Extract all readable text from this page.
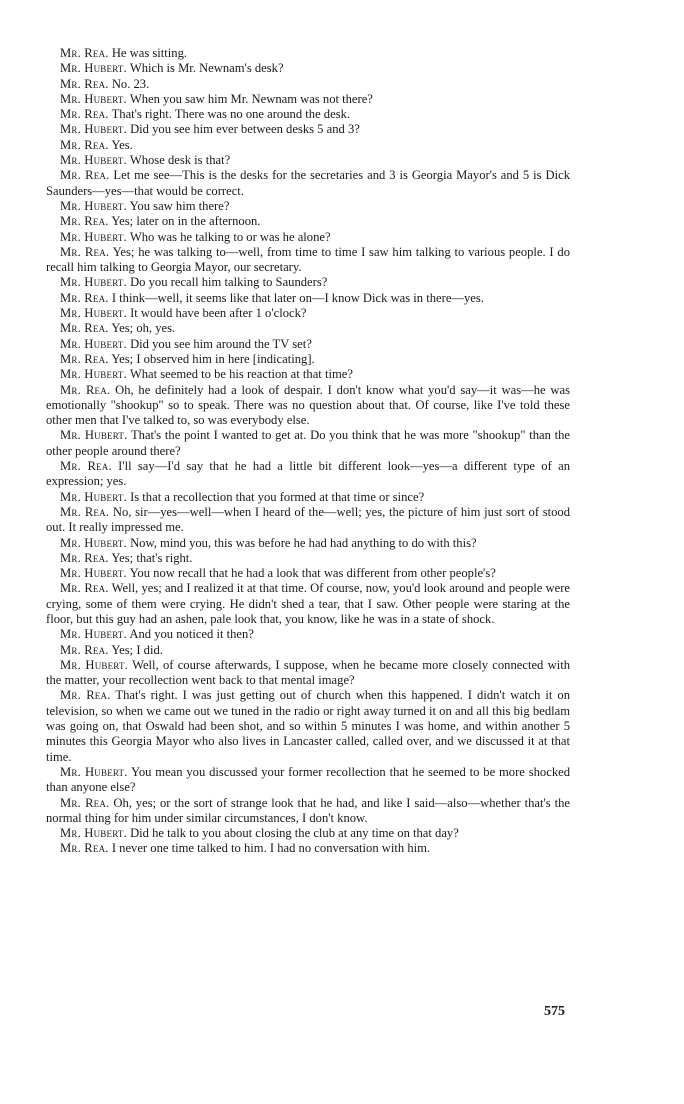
Mr. Rea. He was sitting.

Mr. Hubert. Which is Mr. Newnam's desk?

Mr. Rea. No. 23.

Mr. Hubert. When you saw him Mr. Newnam was not there?

Mr. Rea. That's right. There was no one around the desk.

Mr. Hubert. Did you see him ever between desks 5 and 3?

Mr. Rea. Yes.

Mr. Hubert. Whose desk is that?

Mr. Rea. Let me see—This is the desks for the secretaries and 3 is Georgia Mayor's and 5 is Dick Saunders—yes—that would be correct.

Mr. Hubert. You saw him there?

Mr. Rea. Yes; later on in the afternoon.

Mr. Hubert. Who was he talking to or was he alone?

Mr. Rea. Yes; he was talking to—well, from time to time I saw him talking to various people. I do recall him talking to Georgia Mayor, our secretary.

Mr. Hubert. Do you recall him talking to Saunders?

Mr. Rea. I think—well, it seems like that later on—I know Dick was in there—yes.

Mr. Hubert. It would have been after 1 o'clock?

Mr. Rea. Yes; oh, yes.

Mr. Hubert. Did you see him around the TV set?

Mr. Rea. Yes; I observed him in here [indicating].

Mr. Hubert. What seemed to be his reaction at that time?

Mr. Rea. Oh, he definitely had a look of despair. I don't know what you'd say—it was—he was emotionally "shookup" so to speak. There was no question about that. Of course, like I've told these other men that I've talked to, so was everybody else.

Mr. Hubert. That's the point I wanted to get at. Do you think that he was more "shookup" than the other people around there?

Mr. Rea. I'll say—I'd say that he had a little bit different look—yes—a different type of an expression; yes.

Mr. Hubert. Is that a recollection that you formed at that time or since?

Mr. Rea. No, sir—yes—well—when I heard of the—well; yes, the picture of him just sort of stood out. It really impressed me.

Mr. Hubert. Now, mind you, this was before he had had anything to do with this?

Mr. Rea. Yes; that's right.

Mr. Hubert. You now recall that he had a look that was different from other people's?

Mr. Rea. Well, yes; and I realized it at that time. Of course, now, you'd look around and people were crying, some of them were crying. He didn't shed a tear, that I saw. Other people were staring at the floor, but this guy had an ashen, pale look that, you know, like he was in a state of shock.

Mr. Hubert. And you noticed it then?

Mr. Rea. Yes; I did.

Mr. Hubert. Well, of course afterwards, I suppose, when he became more closely connected with the matter, your recollection went back to that mental image?

Mr. Rea. That's right. I was just getting out of church when this happened. I didn't watch it on television, so when we came out we tuned in the radio or right away turned it on and all this big bedlam was going on, that Oswald had been shot, and so within 5 minutes I was home, and within another 5 minutes this Georgia Mayor who also lives in Lancaster called, called over, and we discussed it at that time.

Mr. Hubert. You mean you discussed your former recollection that he seemed to be more shocked than anyone else?

Mr. Rea. Oh, yes; or the sort of strange look that he had, and like I said—also—whether that's the normal thing for him under similar circumstances, I don't know.

Mr. Hubert. Did he talk to you about closing the club at any time on that day?

Mr. Rea. I never one time talked to him. I had no conversation with him.

575
